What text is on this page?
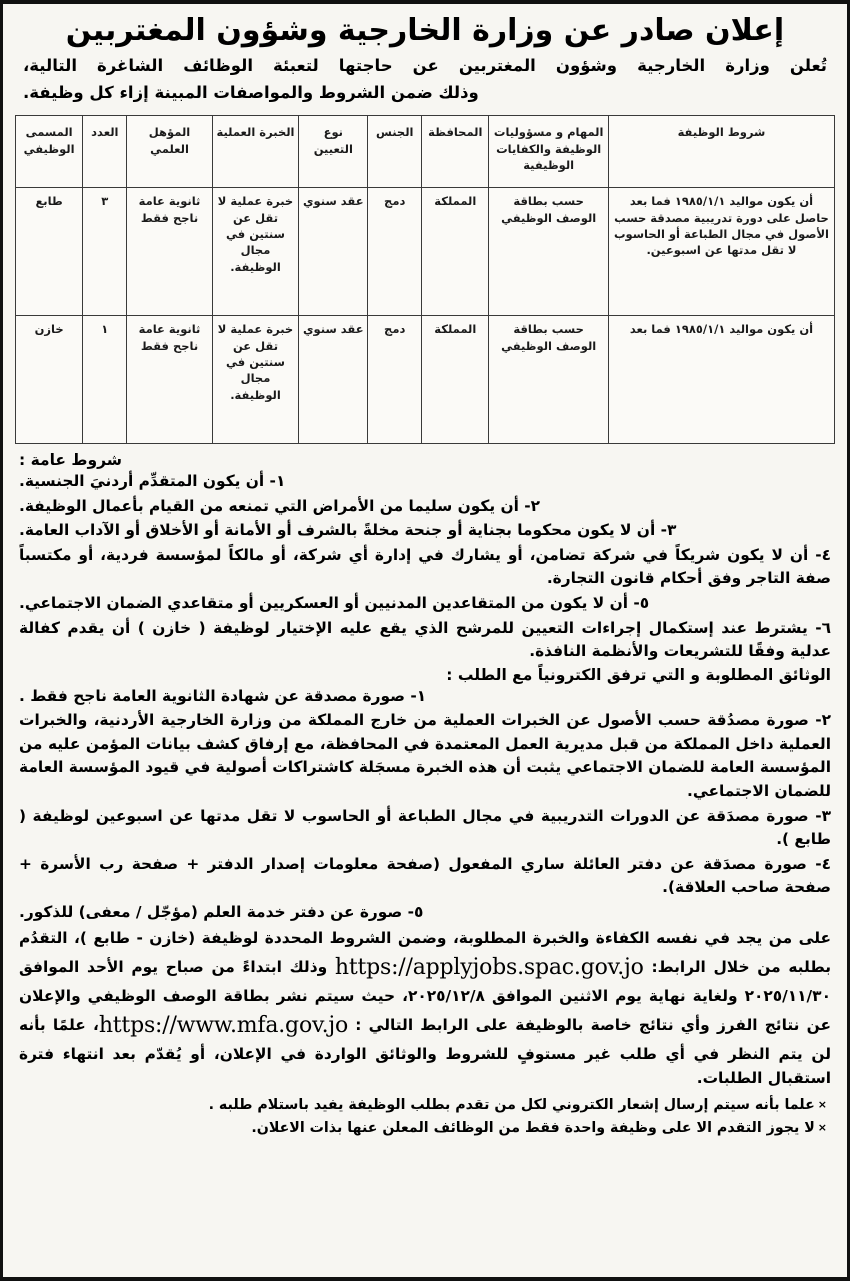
إعلان صادر عن وزارة الخارجية وشؤون المغتربين
تُعلن وزارة الخارجية وشؤون المغتربين عن حاجتها لتعبئة الوظائف الشاغرة التالية،
وذلك ضمن الشروط والمواصفات المبينة إزاء كل وظيفة.
شروط الوظيفة	المهام و مسؤوليات الوظيفة والكفايات الوظيفية	المحافظة	الجنس	نوع التعيين	الخبرة العملية	المؤهل العلمي	العدد	المسمى الوظيفي
أن يكون مواليد ١٩٨٥/١/١ فما بعد حاصل على دورة تدريبية مصدقة حسب الأصول في مجال الطباعة أو الحاسوب لا تقل مدتها عن اسبوعين.	حسب بطاقة الوصف الوظيفي	المملكة	دمج	عقد سنوي	خبرة عملية لا تقل عن سنتين في مجال الوظيفة.	ثانوية عامة ناجح فقط	٣	طابع
أن يكون مواليد ١٩٨٥/١/١ فما بعد	حسب بطاقة الوصف الوظيفي	المملكة	دمج	عقد سنوي	خبرة عملية لا تقل عن سنتين في مجال الوظيفة.	ثانوية عامة ناجح فقط	١	خازن
شروط عامة :
١- أن يكون المتقدِّم أردنيَ الجنسية.
٢- أن يكون سليما من الأمراض التي تمنعه من القيام بأعمال الوظيفة.
٣- أن لا يكون محكوما بجناية أو جنحة مخلةً بالشرف أو الأمانة أو الأخلاق أو الآداب العامة.
٤- أن لا يكون شريكاً في شركة تضامن، أو يشارك في إدارة أي شركة، أو مالكاً لمؤسسة فردية، أو مكتسباً صفة التاجر وفق أحكام قانون التجارة.
٥- أن لا يكون من المتقاعدين المدنيين أو العسكريين أو متقاعدي الضمان الاجتماعي.
٦- يشترط عند إستكمال إجراءات التعيين للمرشح الذي يقع عليه الإختيار لوظيفة ( خازن ) أن يقدم كفالة عدلية وفقًا للتشريعات والأنظمة النافذة.
الوثائق المطلوبة و التي ترفق الكترونياً مع الطلب :
١- صورة مصدقة عن شهادة الثانوية العامة ناجح فقط .
٢- صورة مصدُقة حسب الأصول عن الخبرات العملية من خارج المملكة من وزارة الخارجية الأردنية، والخبرات العملية داخل المملكة من قبل مديرية العمل المعتمدة في المحافظة، مع إرفاق كشف بيانات المؤمن عليه من المؤسسة العامة للضمان الاجتماعي يثبت أن هذه الخبرة مسجَلة كاشتراكات أصولية في قيود المؤسسة العامة للضمان الاجتماعي.
٣- صورة مصدَقة عن الدورات التدريبية في مجال الطباعة أو الحاسوب لا تقل مدتها عن اسبوعين لوظيفة ( طابع ).
٤- صورة مصدَقة عن دفتر العائلة ساري المفعول (صفحة معلومات إصدار الدفتر + صفحة رب الأسرة + صفحة صاحب العلاقة).
٥- صورة عن دفتر خدمة العلم (مؤجّل / معفى) للذكور.

على من يجد في نفسه الكفاءة والخبرة المطلوبة، وضمن الشروط المحددة لوظيفة (خازن - طابع )، التقدُم بطلبه من خلال الرابط: https://applyjobs.spac.gov.jo وذلك ابتداءً من صباح يوم الأحد الموافق ٢٠٢٥/١١/٣٠ ولغاية نهاية يوم الاثنين الموافق ٢٠٢٥/١٢/٨، حيث سيتم نشر بطاقة الوصف الوظيفي والإعلان عن نتائج الفرز وأي نتائج خاصة بالوظيفة على الرابط التالي : https://www.mfa.gov.jo، علمًا بأنه لن يتم النظر في أي طلب غير مستوفٍ للشروط والوثائق الواردة في الإعلان، أو يُقدّم بعد انتهاء فترة استقبال الطلبات.

×علما بأنه سيتم إرسال إشعار الكتروني لكل من تقدم بطلب الوظيفة يفيد باستلام طلبه .
×لا يجوز التقدم الا على وظيفة واحدة فقط من الوظائف المعلن عنها بذات الاعلان.
